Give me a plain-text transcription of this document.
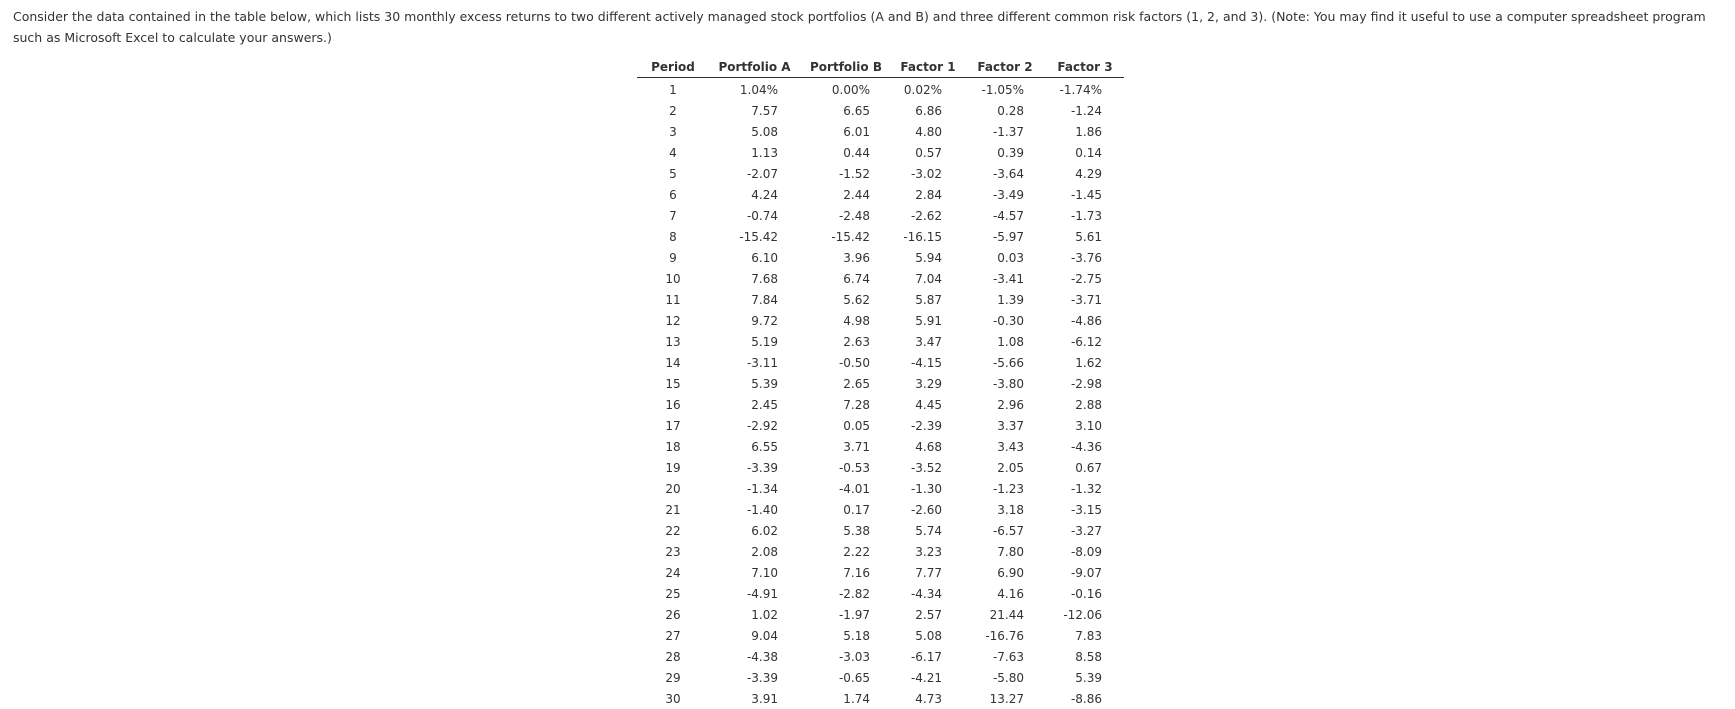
Consider the data contained in the table below, which lists 30 monthly excess returns to two different actively managed stock portfolios (A and B) and three different common risk factors (1, 2, and 3). (Note: You may find it useful to use a computer spreadsheet program such as Microsoft Excel to calculate your answers.)

Period	Portfolio A	Portfolio B	Factor 1	Factor 2	Factor 3
1	1.04%	0.00%	0.02%	-1.05%	-1.74%
2	7.57	6.65	6.86	0.28	-1.24
3	5.08	6.01	4.80	-1.37	1.86
4	1.13	0.44	0.57	0.39	0.14
5	-2.07	-1.52	-3.02	-3.64	4.29
6	4.24	2.44	2.84	-3.49	-1.45
7	-0.74	-2.48	-2.62	-4.57	-1.73
8	-15.42	-15.42	-16.15	-5.97	5.61
9	6.10	3.96	5.94	0.03	-3.76
10	7.68	6.74	7.04	-3.41	-2.75
11	7.84	5.62	5.87	1.39	-3.71
12	9.72	4.98	5.91	-0.30	-4.86
13	5.19	2.63	3.47	1.08	-6.12
14	-3.11	-0.50	-4.15	-5.66	1.62
15	5.39	2.65	3.29	-3.80	-2.98
16	2.45	7.28	4.45	2.96	2.88
17	-2.92	0.05	-2.39	3.37	3.10
18	6.55	3.71	4.68	3.43	-4.36
19	-3.39	-0.53	-3.52	2.05	0.67
20	-1.34	-4.01	-1.30	-1.23	-1.32
21	-1.40	0.17	-2.60	3.18	-3.15
22	6.02	5.38	5.74	-6.57	-3.27
23	2.08	2.22	3.23	7.80	-8.09
24	7.10	7.16	7.77	6.90	-9.07
25	-4.91	-2.82	-4.34	4.16	-0.16
26	1.02	-1.97	2.57	21.44	-12.06
27	9.04	5.18	5.08	-16.76	7.83
28	-4.38	-3.03	-6.17	-7.63	8.58
29	-3.39	-0.65	-4.21	-5.80	5.39
30	3.91	1.74	4.73	13.27	-8.86
